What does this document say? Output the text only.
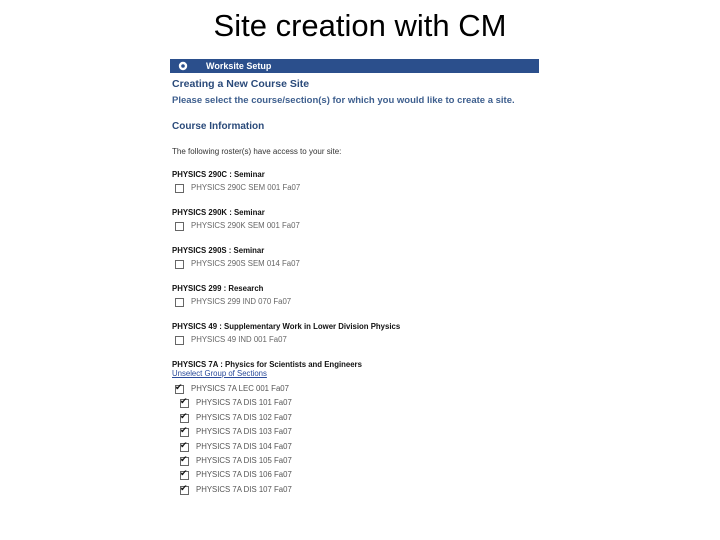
Site creation with CM
Worksite Setup
Creating a New Course Site
Please select the course/section(s) for which you would like to create a site.
Course Information
The following roster(s) have access to your site:
PHYSICS 290C : Seminar
PHYSICS 290C SEM 001 Fa07
PHYSICS 290K : Seminar
PHYSICS 290K SEM 001 Fa07
PHYSICS 290S : Seminar
PHYSICS 290S SEM 014 Fa07
PHYSICS 299 : Research
PHYSICS 299 IND 070 Fa07
PHYSICS 49 : Supplementary Work in Lower Division Physics
PHYSICS 49 IND 001 Fa07
PHYSICS 7A : Physics for Scientists and Engineers
Unselect Group of Sections
✔ PHYSICS 7A LEC 001 Fa07
✔ PHYSICS 7A DIS 101 Fa07
✔ PHYSICS 7A DIS 102 Fa07
✔ PHYSICS 7A DIS 103 Fa07
✔ PHYSICS 7A DIS 104 Fa07
✔ PHYSICS 7A DIS 105 Fa07
✔ PHYSICS 7A DIS 106 Fa07
✔ PHYSICS 7A DIS 107 Fa07
